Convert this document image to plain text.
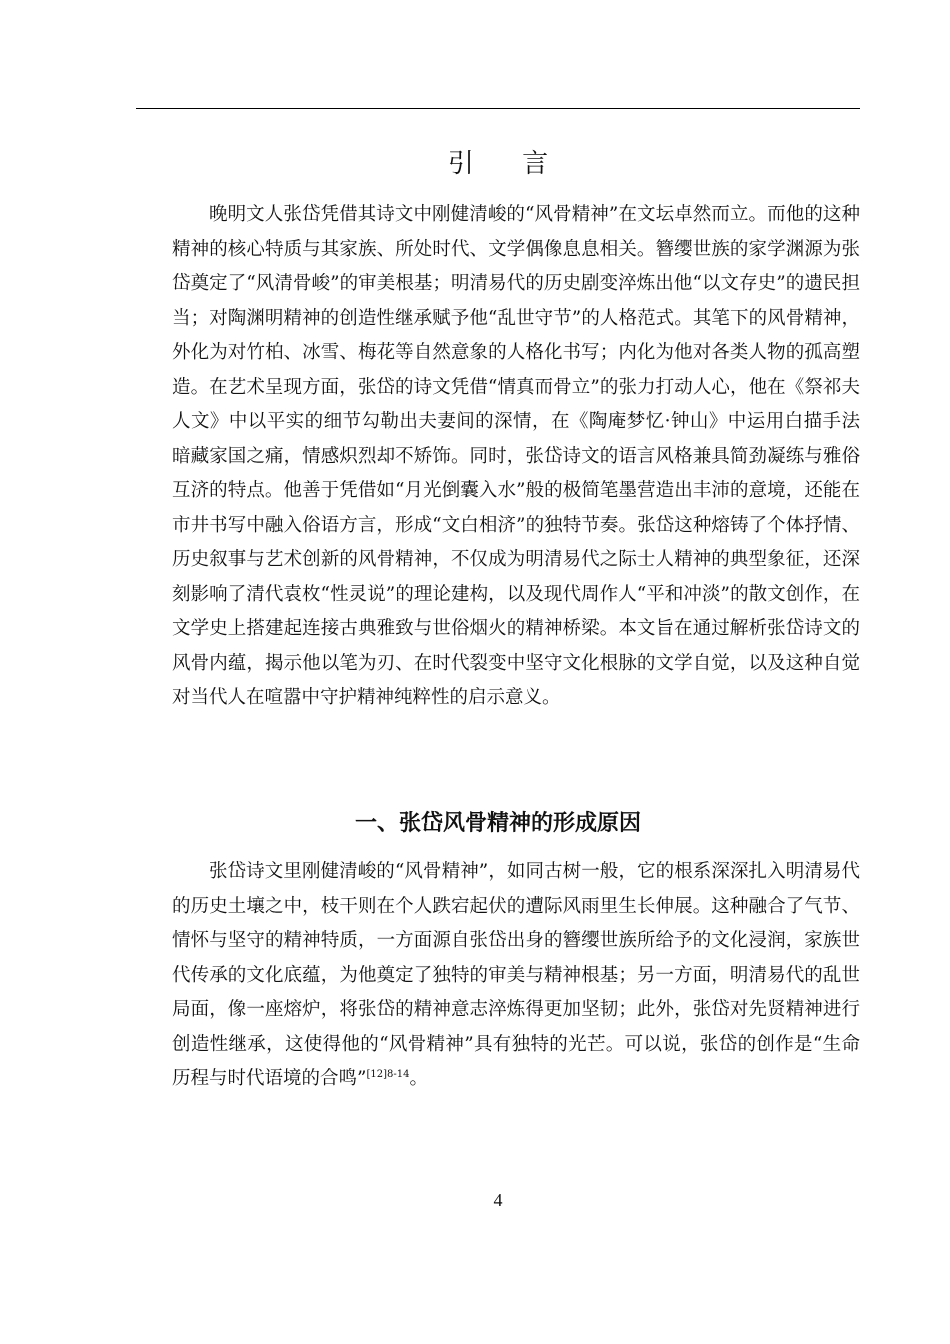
引 言

晚明文人张岱凭借其诗文中刚健清峻的“风骨精神”在文坛卓然而立。而他的这种精神的核心特质与其家族、所处时代、文学偶像息息相关。簪缨世族的家学渊源为张岱奠定了“风清骨峻”的审美根基；明清易代的历史剧变淬炼出他“以文存史”的遗民担当；对陶渊明精神的创造性继承赋予他“乱世守节”的人格范式。其笔下的风骨精神，外化为对竹柏、冰雪、梅花等自然意象的人格化书写；内化为他对各类人物的孤高塑造。在艺术呈现方面，张岱的诗文凭借“情真而骨立”的张力打动人心，他在《祭祁夫人文》中以平实的细节勾勒出夫妻间的深情，在《陶庵梦忆·钟山》中运用白描手法暗藏家国之痛，情感炽烈却不矫饰。同时，张岱诗文的语言风格兼具简劲凝练与雅俗互济的特点。他善于凭借如“月光倒囊入水”般的极简笔墨营造出丰沛的意境，还能在市井书写中融入俗语方言，形成“文白相济”的独特节奏。张岱这种熔铸了个体抒情、历史叙事与艺术创新的风骨精神，不仅成为明清易代之际士人精神的典型象征，还深刻影响了清代袁枚“性灵说”的理论建构，以及现代周作人“平和冲淡”的散文创作，在文学史上搭建起连接古典雅致与世俗烟火的精神桥梁。本文旨在通过解析张岱诗文的风骨内蕴，揭示他以笔为刃、在时代裂变中坚守文化根脉的文学自觉，以及这种自觉对当代人在喧嚣中守护精神纯粹性的启示意义。

一、张岱风骨精神的形成原因

张岱诗文里刚健清峻的“风骨精神”，如同古树一般，它的根系深深扎入明清易代的历史土壤之中，枝干则在个人跌宕起伏的遭际风雨里生长伸展。这种融合了气节、情怀与坚守的精神特质，一方面源自张岱出身的簪缨世族所给予的文化浸润，家族世代传承的文化底蕴，为他奠定了独特的审美与精神根基；另一方面，明清易代的乱世局面，像一座熔炉，将张岱的精神意志淬炼得更加坚韧；此外，张岱对先贤精神进行创造性继承，这使得他的“风骨精神”具有独特的光芒。可以说，张岱的创作是“生命历程与时代语境的合鸣”$^{[12]8-14}$。

4
